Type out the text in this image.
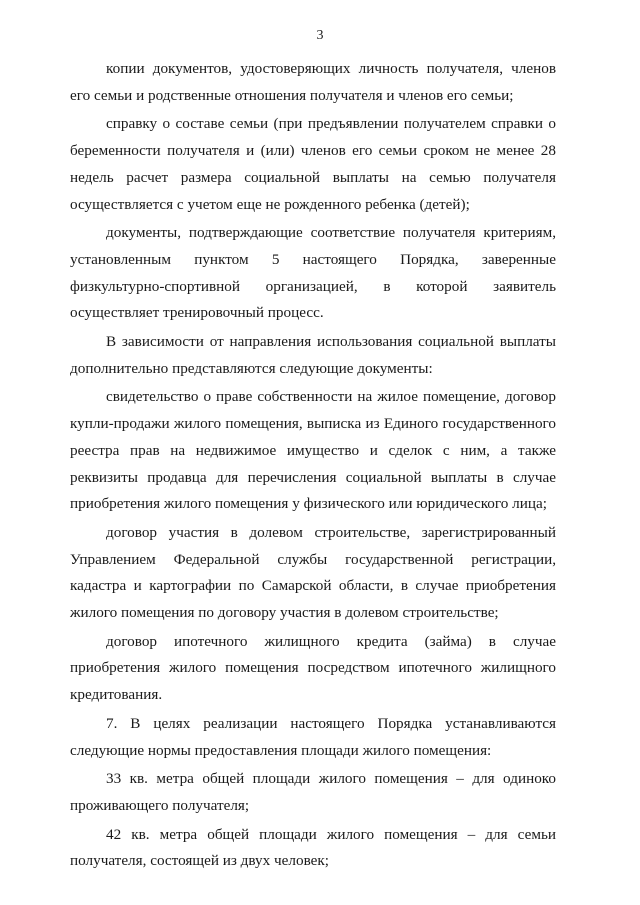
3

копии документов, удостоверяющих личность получателя, членов его семьи и родственные отношения получателя и членов его семьи;

справку о составе семьи (при предъявлении получателем справки о беременности получателя и (или) членов его семьи сроком не менее 28 недель расчет размера социальной выплаты на семью получателя осуществляется с учетом еще не рожденного ребенка (детей);

документы, подтверждающие соответствие получателя критериям, установленным пунктом 5 настоящего Порядка, заверенные физкультурно-спортивной организацией, в которой заявитель осуществляет тренировочный процесс.

В зависимости от направления использования социальной выплаты дополнительно представляются следующие документы:

свидетельство о праве собственности на жилое помещение, договор купли-продажи жилого помещения, выписка из Единого государственного реестра прав на недвижимое имущество и сделок с ним, а также реквизиты продавца для перечисления социальной выплаты в случае приобретения жилого помещения у физического или юридического лица;

договор участия в долевом строительстве, зарегистрированный Управлением Федеральной службы государственной регистрации, кадастра и картографии по Самарской области, в случае приобретения жилого помещения по договору участия в долевом строительстве;

договор ипотечного жилищного кредита (займа) в случае приобретения жилого помещения посредством ипотечного жилищного кредитования.

7. В целях реализации настоящего Порядка устанавливаются следующие нормы предоставления площади жилого помещения:

33 кв. метра общей площади жилого помещения – для одиноко проживающего получателя;

42 кв. метра общей площади жилого помещения – для семьи получателя, состоящей из двух человек;
